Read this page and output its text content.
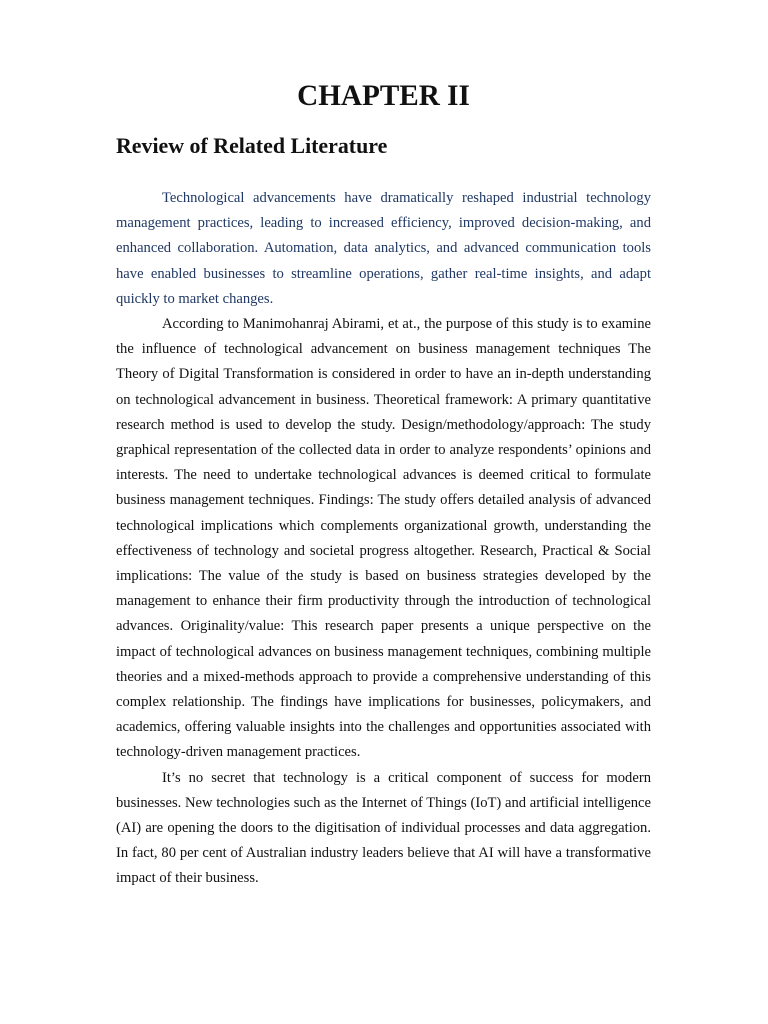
CHAPTER II
Review of Related Literature

Technological advancements have dramatically reshaped industrial technology management practices, leading to increased efficiency, improved decision-making, and enhanced collaboration. Automation, data analytics, and advanced communication tools have enabled businesses to streamline operations, gather real-time insights, and adapt quickly to market changes.

According to Manimohanraj Abirami, et at., the purpose of this study is to examine the influence of technological advancement on business management techniques The Theory of Digital Transformation is considered in order to have an in-depth understanding on technological advancement in business. Theoretical framework: A primary quantitative research method is used to develop the study. Design/methodology/approach: The study graphical representation of the collected data in order to analyze respondents’ opinions and interests. The need to undertake technological advances is deemed critical to formulate business management techniques. Findings: The study offers detailed analysis of advanced technological implications which complements organizational growth, understanding the effectiveness of technology and societal progress altogether. Research, Practical & Social implications: The value of the study is based on business strategies developed by the management to enhance their firm productivity through the introduction of technological advances. Originality/value: This research paper presents a unique perspective on the impact of technological advances on business management techniques, combining multiple theories and a mixed-methods approach to provide a comprehensive understanding of this complex relationship. The findings have implications for businesses, policymakers, and academics, offering valuable insights into the challenges and opportunities associated with technology-driven management practices.

It’s no secret that technology is a critical component of success for modern businesses. New technologies such as the Internet of Things (IoT) and artificial intelligence (AI) are opening the doors to the digitisation of individual processes and data aggregation. In fact, 80 per cent of Australian industry leaders believe that AI will have a transformative impact of their business.
